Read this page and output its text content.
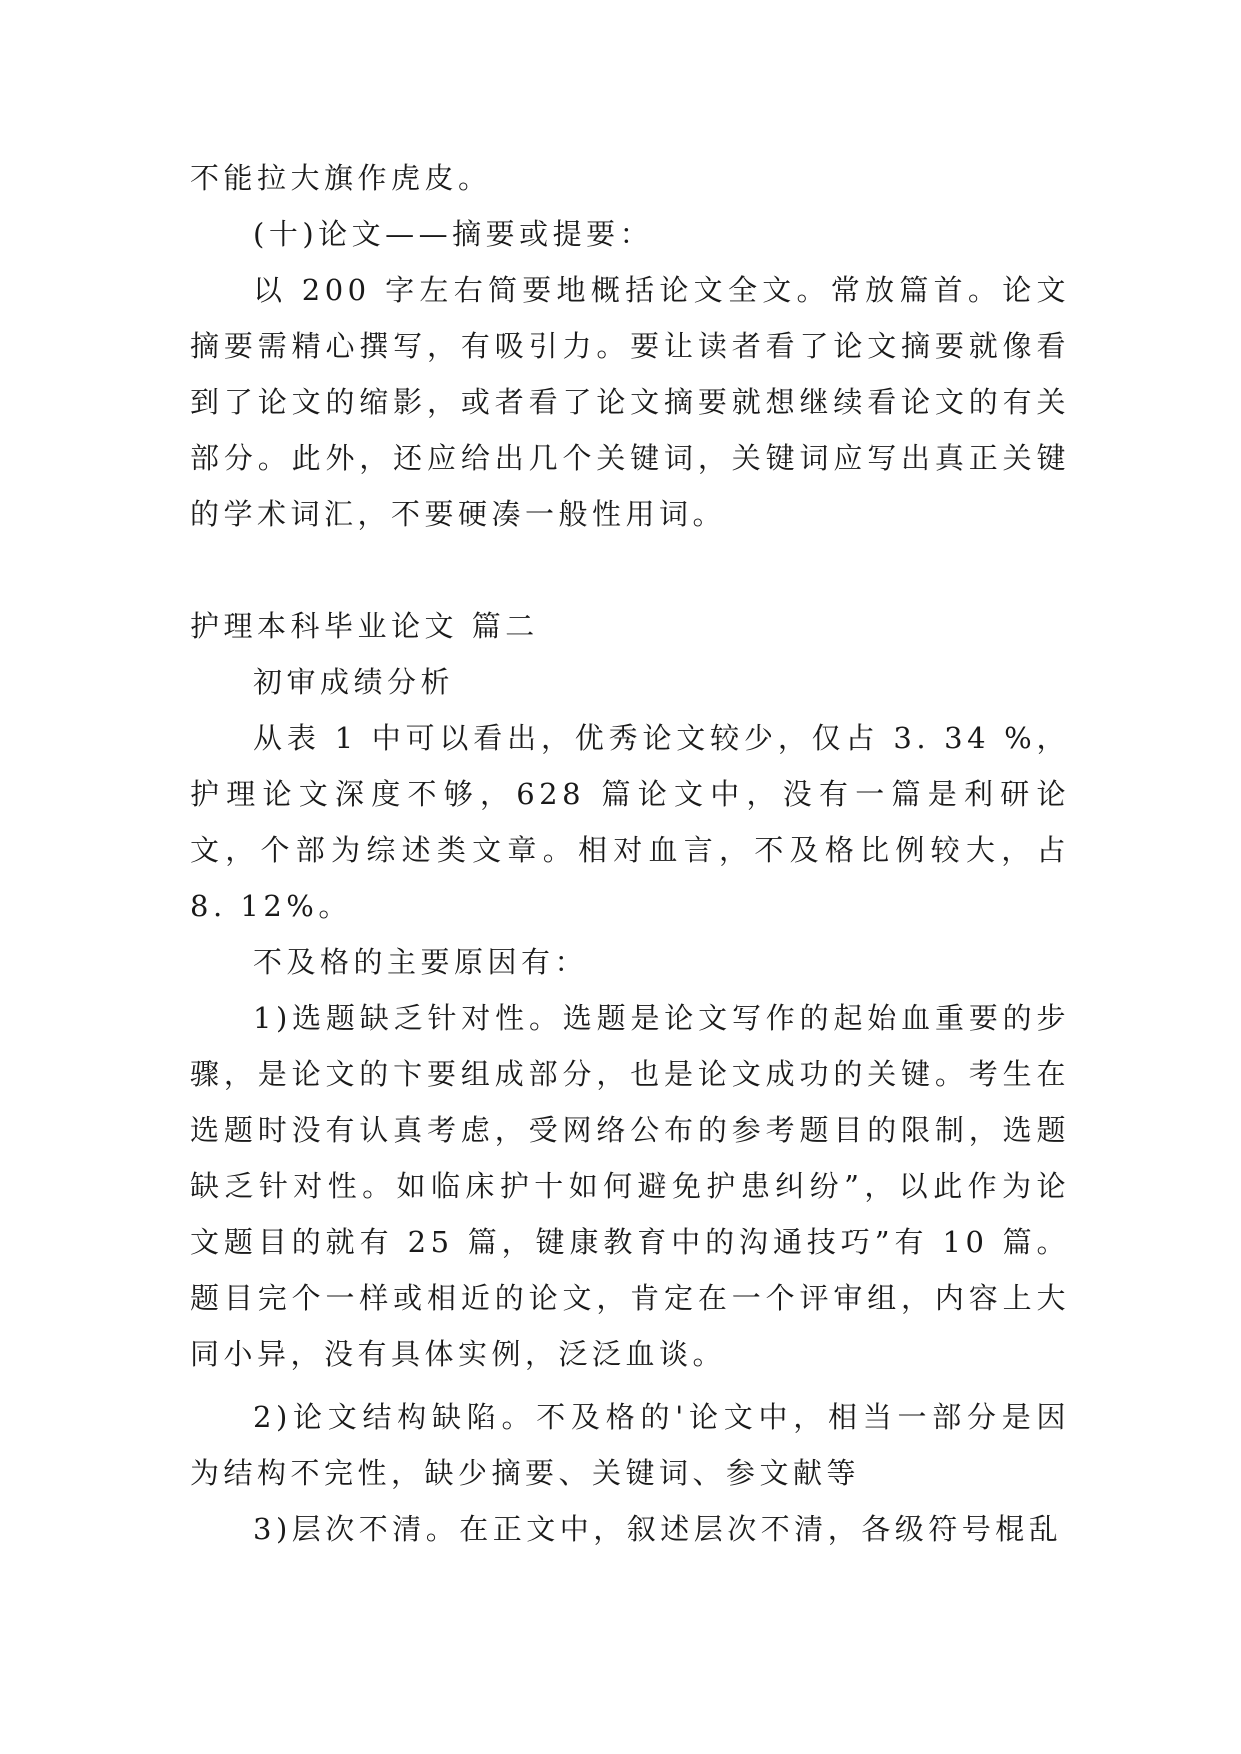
不能拉大旗作虎皮。

(十)论文——摘要或提要：

以 200 字左右简要地概括论文全文。常放篇首。论文摘要需精心撰写，有吸引力。要让读者看了论文摘要就像看到了论文的缩影，或者看了论文摘要就想继续看论文的有关部分。此外，还应给出几个关键词，关键词应写出真正关键的学术词汇，不要硬凑一般性用词。

护理本科毕业论文 篇二

初审成绩分析

从表 1 中可以看出，优秀论文较少，仅占 3. 34 %，护理论文深度不够，628 篇论文中，没有一篇是利研论文，个部为综述类文章。相对血言，不及格比例较大，占 8. 12%。

不及格的主要原因有：

1)选题缺乏针对性。选题是论文写作的起始血重要的步骤，是论文的卞要组成部分，也是论文成功的关键。考生在选题时没有认真考虑，受网络公布的参考题目的限制，选题缺乏针对性。如临床护十如何避免护患纠纷”，以此作为论文题目的就有 25 篇，键康教育中的沟通技巧”有 10 篇。题目完个一样或相近的论文，肯定在一个评审组，内容上大同小异，没有具体实例，泛泛血谈。

2)论文结构缺陷。不及格的'论文中，相当一部分是因为结构不完性，缺少摘要、关键词、参文献等

3)层次不清。在正文中，叙述层次不清，各级符号棍乱
